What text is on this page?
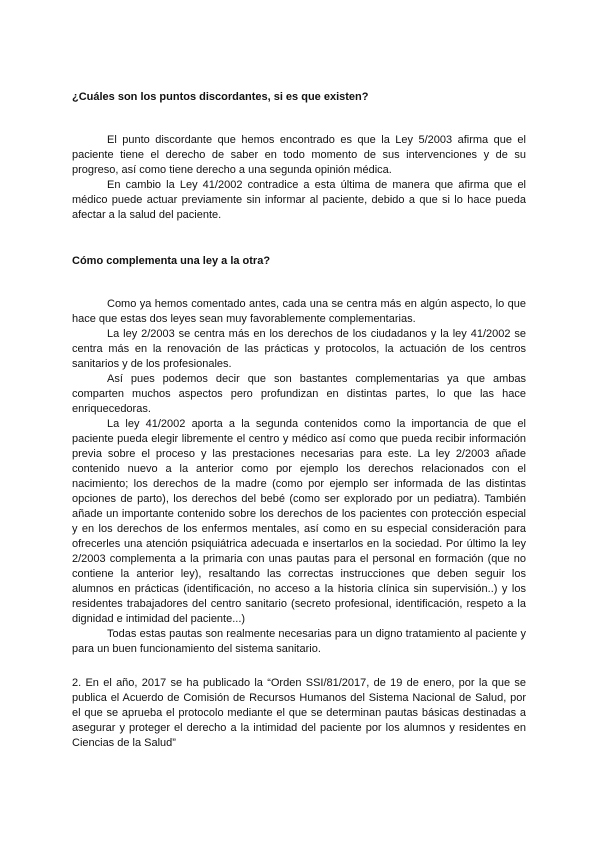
¿Cuáles son los puntos discordantes, si es que existen?

El punto discordante que hemos encontrado es que la Ley 5/2003 afirma que el paciente tiene el derecho de saber en todo momento de sus intervenciones y de su progreso, así como tiene derecho a una segunda opinión médica.

En cambio la Ley 41/2002 contradice a esta última de manera que afirma que el médico puede actuar previamente sin informar al paciente, debido a que si lo hace pueda afectar a la salud del paciente.

Cómo complementa una ley a la otra?

Como ya hemos comentado antes, cada una se centra más en algún aspecto, lo que hace que estas dos leyes sean muy favorablemente complementarias.

La ley 2/2003 se centra más en los derechos de los ciudadanos y la ley 41/2002 se centra más en la renovación de las prácticas y protocolos, la actuación de los centros sanitarios y de los profesionales.

Así pues podemos decir que son bastantes complementarias ya que ambas comparten muchos aspectos pero profundizan en distintas partes, lo que las hace enriquecedoras.

La ley 41/2002 aporta a la segunda contenidos como la importancia de que el paciente pueda elegir libremente el centro y médico así como que pueda recibir información previa sobre el proceso y las prestaciones necesarias para este. La ley 2/2003 añade contenido nuevo a la anterior como por ejemplo los derechos relacionados con el nacimiento; los derechos de la madre (como por ejemplo ser informada de las distintas opciones de parto), los derechos del bebé (como ser explorado por un pediatra). También añade un importante contenido sobre los derechos de los pacientes con protección especial y en los derechos de los enfermos mentales, así como en su especial consideración para ofrecerles una atención psiquiátrica adecuada e insertarlos en la sociedad. Por último la ley 2/2003 complementa a la primaria con unas pautas para el personal en formación (que no contiene la anterior ley), resaltando las correctas instrucciones que deben seguir los alumnos en prácticas (identificación, no acceso a la historia clínica sin supervisión..) y los residentes trabajadores del centro sanitario (secreto profesional, identificación, respeto a la dignidad e intimidad del paciente...)

Todas estas pautas son realmente necesarias para un digno tratamiento al paciente y para un buen funcionamiento del sistema sanitario.

2. En el año, 2017 se ha publicado la “Orden SSI/81/2017, de 19 de enero, por la que se publica el Acuerdo de Comisión de Recursos Humanos del Sistema Nacional de Salud, por el que se aprueba el protocolo mediante el que se determinan pautas básicas destinadas a asegurar y proteger el derecho a la intimidad del paciente por los alumnos y residentes en Ciencias de la Salud”
